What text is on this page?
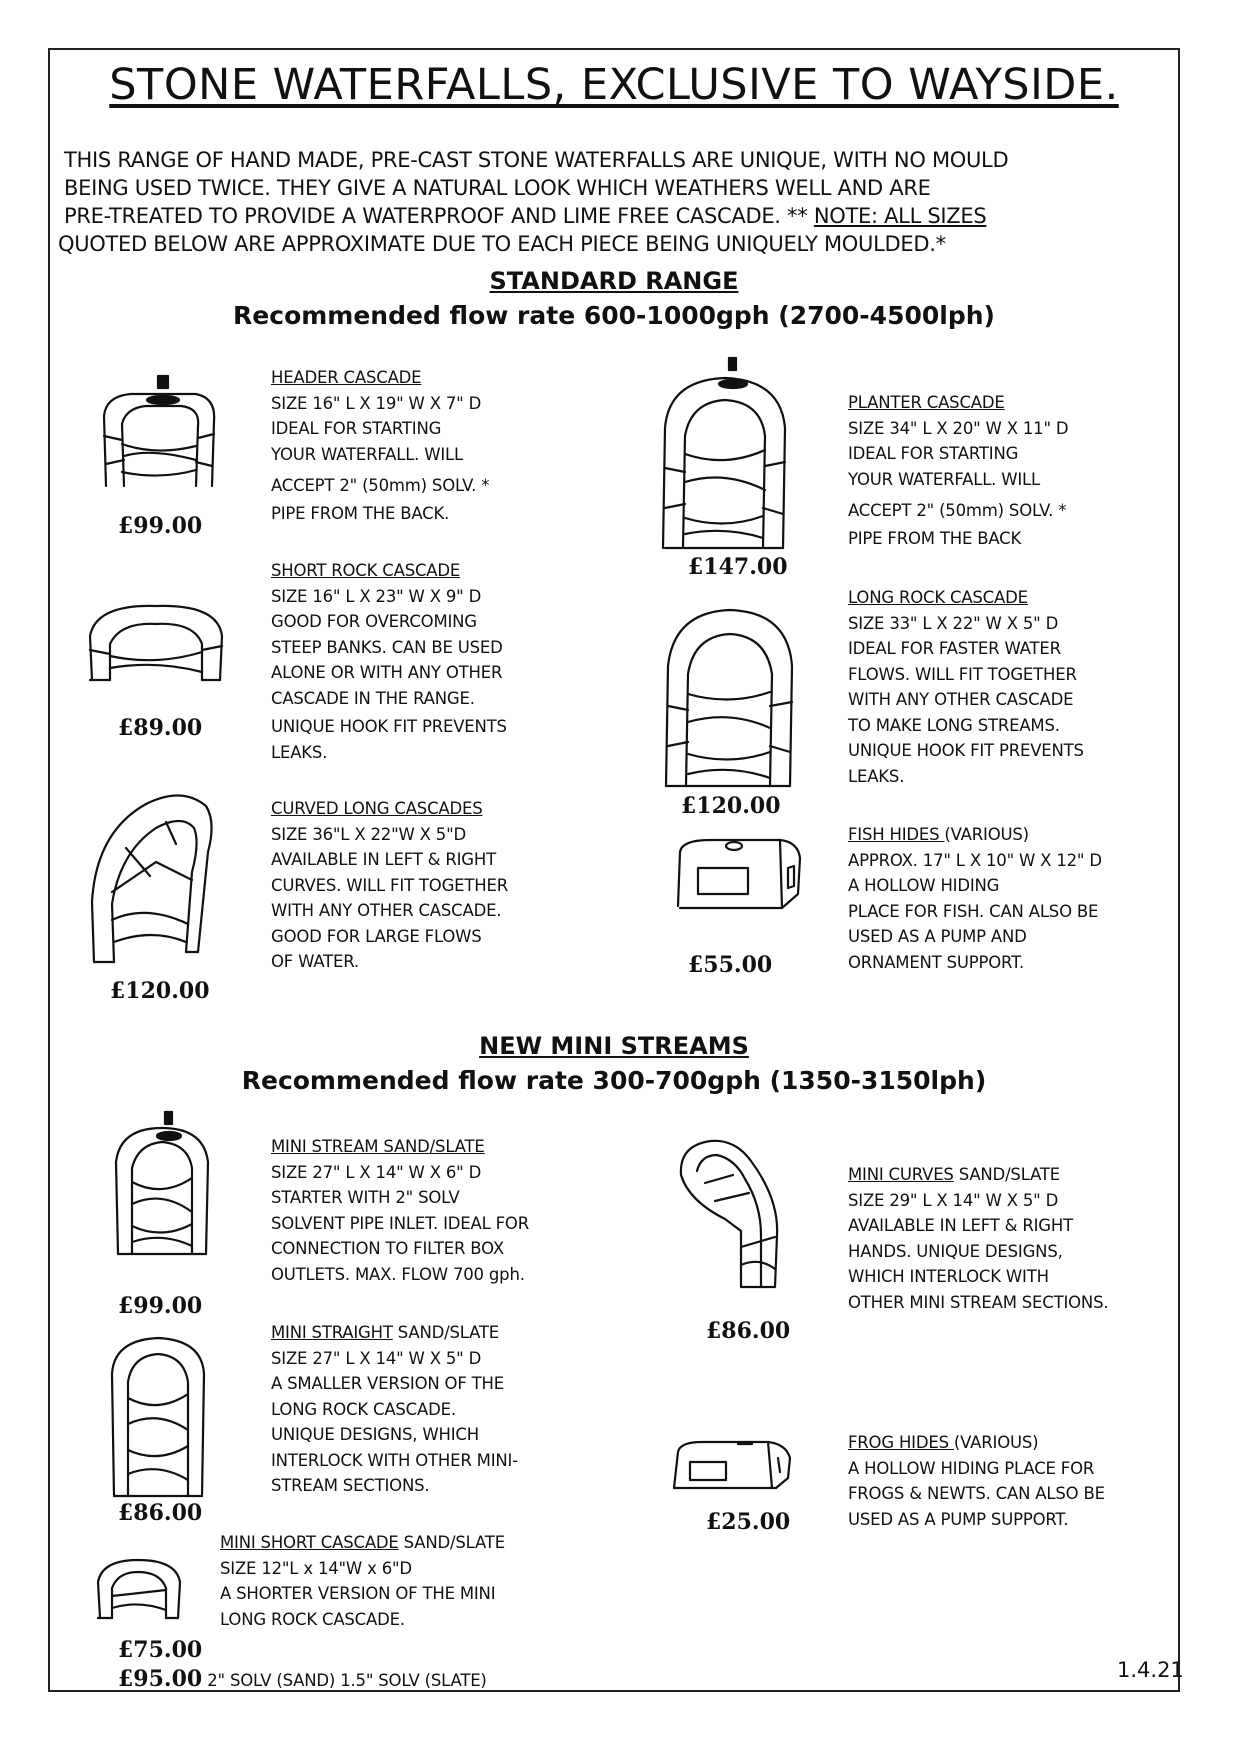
STONE WATERFALLS, EXCLUSIVE TO WAYSIDE.
THIS RANGE OF HAND MADE, PRE-CAST STONE WATERFALLS ARE UNIQUE, WITH NO MOULD
BEING USED TWICE. THEY GIVE A NATURAL LOOK WHICH WEATHERS WELL AND ARE
PRE-TREATED TO PROVIDE A WATERPROOF AND LIME FREE CASCADE. ** NOTE: ALL SIZES
QUOTED BELOW ARE APPROXIMATE DUE TO EACH PIECE BEING UNIQUELY MOULDED.*
STANDARD RANGE
Recommended flow rate 600-1000gph (2700-4500lph)
£99.00
HEADER CASCADE
SIZE 16" L X 19" W X 7" D
IDEAL FOR STARTING
YOUR WATERFALL. WILL
ACCEPT 2" (50mm) SOLV. *
PIPE FROM THE BACK.
£147.00
PLANTER CASCADE
SIZE 34" L X 20" W X 11" D
IDEAL FOR STARTING
YOUR WATERFALL. WILL
ACCEPT 2" (50mm) SOLV. *
PIPE FROM THE BACK
£89.00
SHORT ROCK CASCADE
SIZE 16" L X 23" W X 9" D
GOOD FOR OVERCOMING
STEEP BANKS. CAN BE USED
ALONE OR WITH ANY OTHER
CASCADE IN THE RANGE.
UNIQUE HOOK FIT PREVENTS
LEAKS.
£120.00
LONG ROCK CASCADE
SIZE 33" L X 22" W X 5" D
IDEAL FOR FASTER WATER
FLOWS. WILL FIT TOGETHER
WITH ANY OTHER CASCADE
TO MAKE LONG STREAMS.
UNIQUE HOOK FIT PREVENTS
LEAKS.
£120.00
CURVED LONG CASCADES
SIZE 36"L X 22"W X 5"D
AVAILABLE IN LEFT & RIGHT
CURVES. WILL FIT TOGETHER
WITH ANY OTHER CASCADE.
GOOD FOR LARGE FLOWS
OF WATER.	£55.00
FISH HIDES (VARIOUS)
APPROX. 17" L X 10" W X 12" D
A HOLLOW HIDING
PLACE FOR FISH. CAN ALSO BE
USED AS A PUMP AND
ORNAMENT SUPPORT.
NEW MINI STREAMS
Recommended flow rate 300-700gph (1350-3150lph)
£99.00
MINI STREAM SAND/SLATE
SIZE 27" L X 14" W X 6" D
STARTER WITH 2" SOLV
SOLVENT PIPE INLET. IDEAL FOR
CONNECTION TO FILTER BOX
OUTLETS. MAX. FLOW 700 gph.
£86.00
MINI CURVES SAND/SLATE
SIZE 29" L X 14" W X 5" D
AVAILABLE IN LEFT & RIGHT
HANDS. UNIQUE DESIGNS,
WHICH INTERLOCK WITH
OTHER MINI STREAM SECTIONS.
£86.00
MINI STRAIGHT SAND/SLATE
SIZE 27" L X 14" W X 5" D
A SMALLER VERSION OF THE
LONG ROCK CASCADE.
UNIQUE DESIGNS, WHICH
INTERLOCK WITH OTHER MINI-
STREAM SECTIONS.
£25.00
FROG HIDES (VARIOUS)
A HOLLOW HIDING PLACE FOR
FROGS & NEWTS. CAN ALSO BE
USED AS A PUMP SUPPORT.
£75.00
£95.00 2" SOLV (SAND) 1.5" SOLV (SLATE)
MINI SHORT CASCADE SAND/SLATE
SIZE 12"L x 14"W x 6"D
A SHORTER VERSION OF THE MINI
LONG ROCK CASCADE.
1.4.21
